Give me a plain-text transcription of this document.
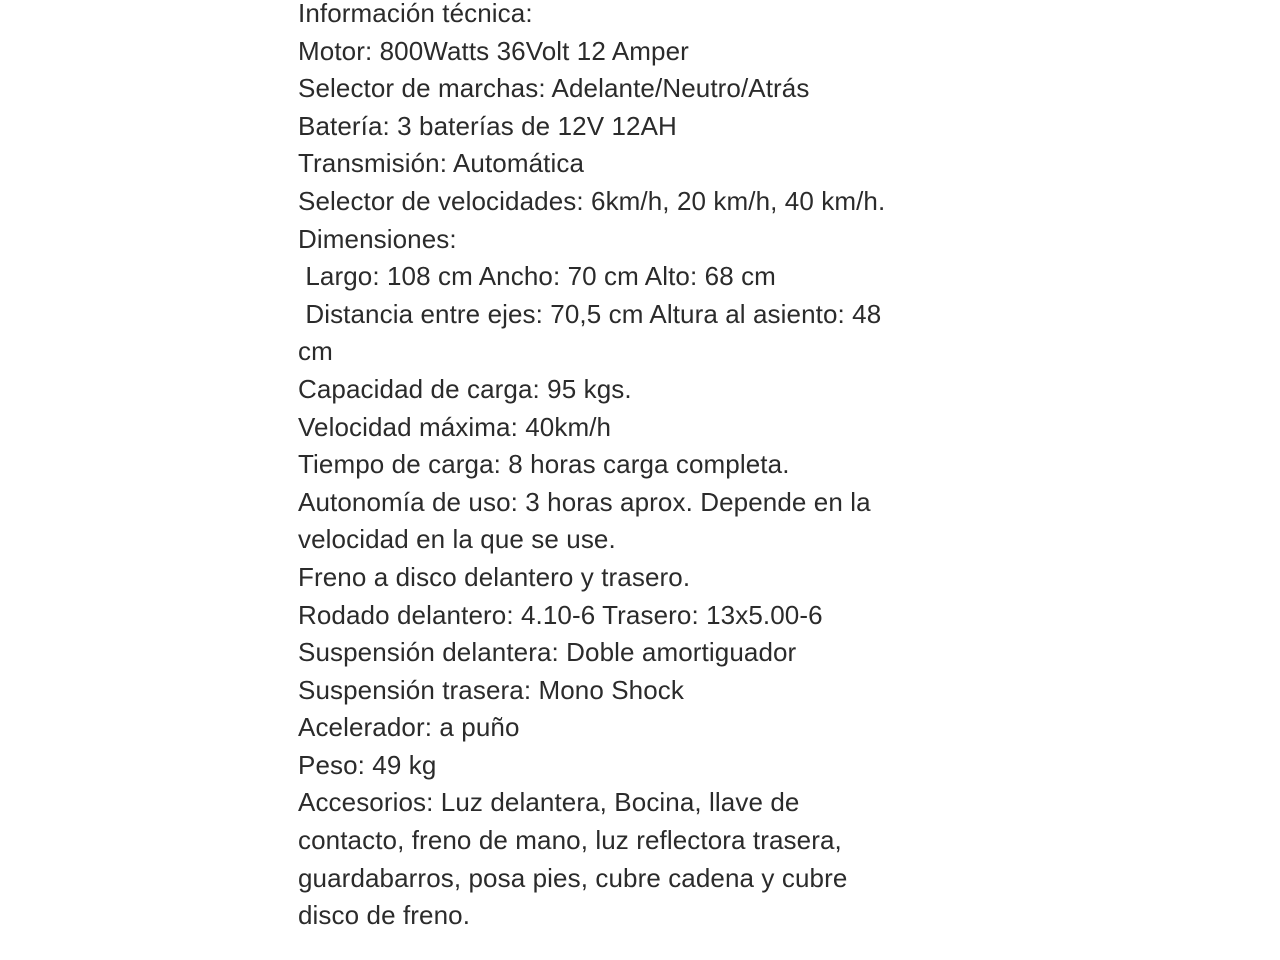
Información técnica:
Motor: 800Watts 36Volt 12 Amper
Selector de marchas: Adelante/Neutro/Atrás
Batería: 3 baterías de 12V 12AH
Transmisión: Automática
Selector de velocidades: 6km/h, 20 km/h, 40 km/h.
Dimensiones:
Largo: 108 cm Ancho: 70 cm Alto: 68 cm
Distancia entre ejes: 70,5 cm Altura al asiento: 48
cm
Capacidad de carga: 95 kgs.
Velocidad máxima: 40km/h
Tiempo de carga: 8 horas carga completa.
Autonomía de uso: 3 horas aprox. Depende en la
velocidad en la que se use.
Freno a disco delantero y trasero.
Rodado delantero: 4.10-6 Trasero: 13x5.00-6
Suspensión delantera: Doble amortiguador
Suspensión trasera: Mono Shock
Acelerador: a puño
Peso: 49 kg
Accesorios: Luz delantera, Bocina, llave de
contacto, freno de mano, luz reflectora trasera,
guardabarros, posa pies, cubre cadena y cubre
disco de freno.
